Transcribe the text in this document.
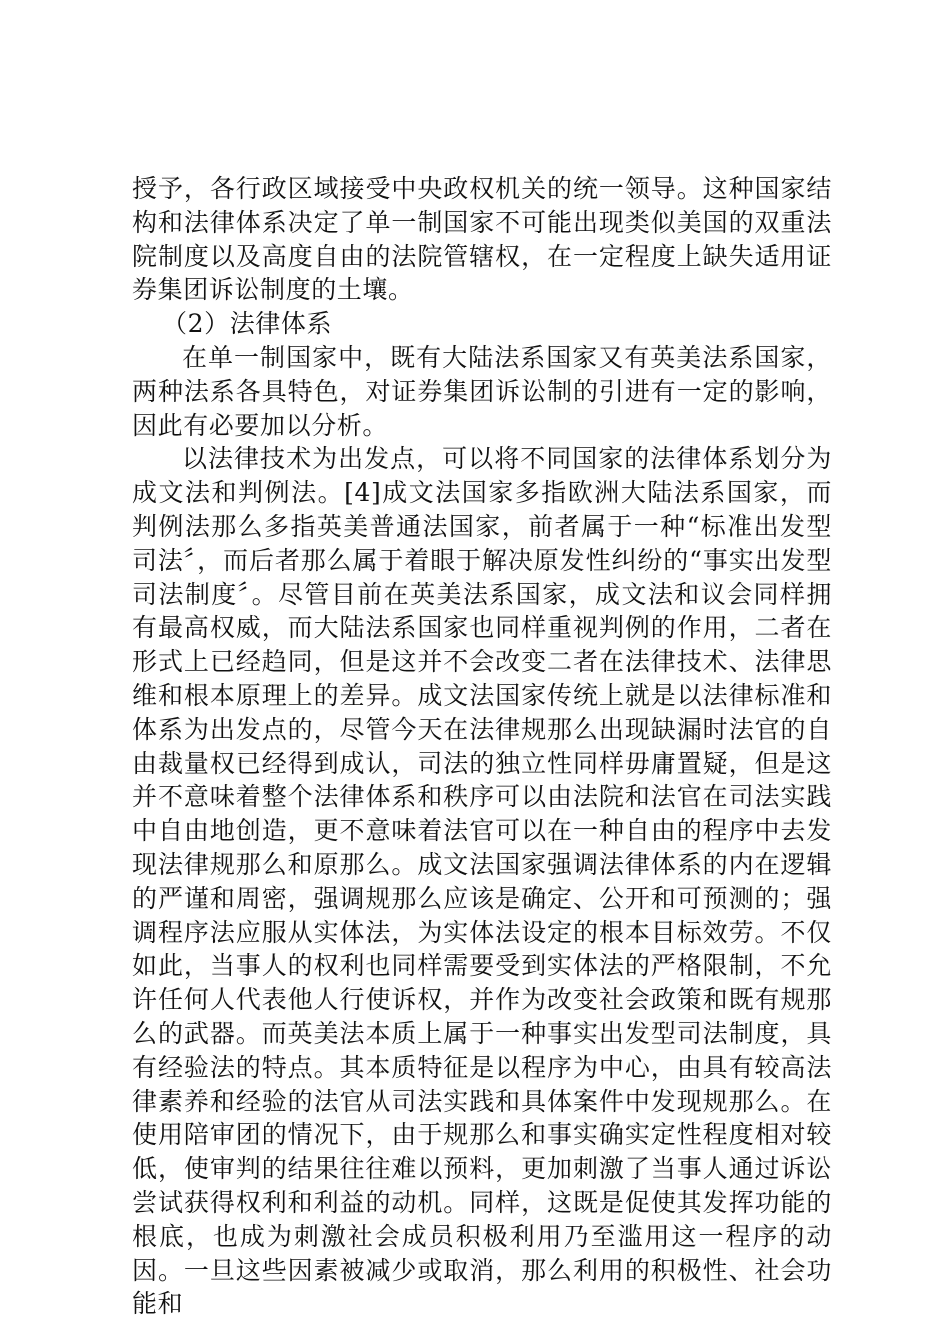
授予，各行政区域接受中央政权机关的统一领导。这种国家结构和法律体系决定了单一制国家不可能出现类似美国的双重法院制度以及高度自由的法院管辖权，在一定程度上缺失适用证券集团诉讼制度的土壤。

（2）法律体系

在单一制国家中，既有大陆法系国家又有英美法系国家，两种法系各具特色，对证券集团诉讼制的引进有一定的影响，因此有必要加以分析。

以法律技术为出发点，可以将不同国家的法律体系划分为成文法和判例法。[4]成文法国家多指欧洲大陆法系国家，而判例法那么多指英美普通法国家，前者属于一种“标准出发型司法〞，而后者那么属于着眼于解决原发性纠纷的“事实出发型司法制度〞。尽管目前在英美法系国家，成文法和议会同样拥有最高权威，而大陆法系国家也同样重视判例的作用，二者在形式上已经趋同，但是这并不会改变二者在法律技术、法律思维和根本原理上的差异。成文法国家传统上就是以法律标准和体系为出发点的，尽管今天在法律规那么出现缺漏时法官的自由裁量权已经得到成认，司法的独立性同样毋庸置疑，但是这并不意味着整个法律体系和秩序可以由法院和法官在司法实践中自由地创造，更不意味着法官可以在一种自由的程序中去发现法律规那么和原那么。成文法国家强调法律体系的内在逻辑的严谨和周密，强调规那么应该是确定、公开和可预测的；强调程序法应服从实体法，为实体法设定的根本目标效劳。不仅如此，当事人的权利也同样需要受到实体法的严格限制，不允许任何人代表他人行使诉权，并作为改变社会政策和既有规那么的武器。而英美法本质上属于一种事实出发型司法制度，具有经验法的特点。其本质特征是以程序为中心，由具有较高法律素养和经验的法官从司法实践和具体案件中发现规那么。在使用陪审团的情况下，由于规那么和事实确实定性程度相对较低，使审判的结果往往难以预料，更加刺激了当事人通过诉讼尝试获得权利和利益的动机。同样，这既是促使其发挥功能的根底，也成为刺激社会成员积极利用乃至滥用这一程序的动因。一旦这些因素被减少或取消，那么利用的积极性、社会功能和
